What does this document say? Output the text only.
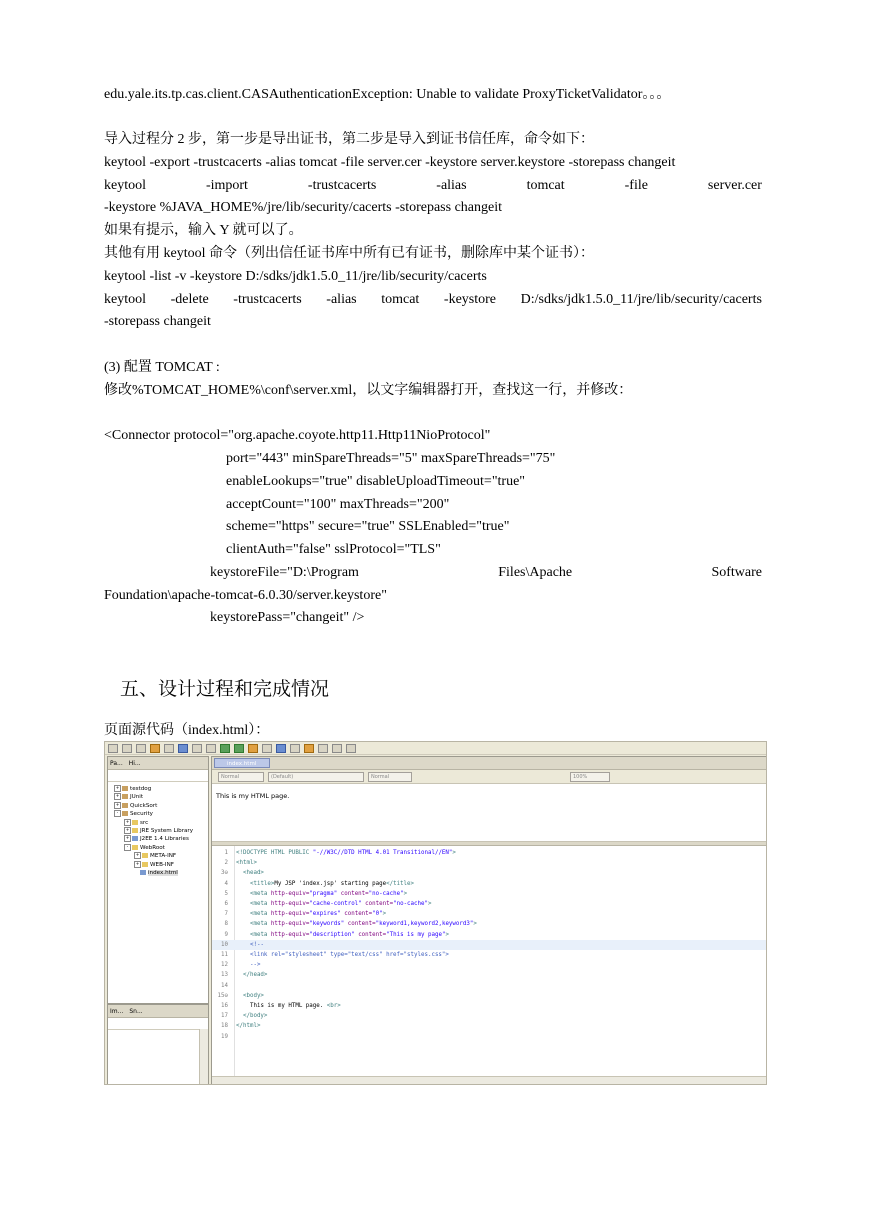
edu.yale.its.tp.cas.client.CASAuthenticationException: Unable to validate ProxyTicketValidator。。。
导入过程分 2 步，第一步是导出证书，第二步是导入到证书信任库，命令如下：
keytool -export -trustcacerts -alias tomcat -file server.cer -keystore server.keystore -storepass changeit
keytool	-import	-trustcacerts	-alias	tomcat	-file	server.cer
-keystore %JAVA_HOME%/jre/lib/security/cacerts -storepass changeit
如果有提示，输入 Y 就可以了。
其他有用 keytool 命令（列出信任证书库中所有已有证书，删除库中某个证书）：
keytool -list -v -keystore D:/sdks/jdk1.5.0_11/jre/lib/security/cacerts
keytool -delete -trustcacerts -alias tomcat -keystore D:/sdks/jdk1.5.0_11/jre/lib/security/cacerts
-storepass changeit
(3) 配置 TOMCAT :
修改%TOMCAT_HOME%\conf\server.xml，以文字编辑器打开，查找这一行，并修改：
<Connector protocol="org.apache.coyote.http11.Http11NioProtocol"
port="443" minSpareThreads="5" maxSpareThreads="75"
enableLookups="true" disableUploadTimeout="true"
acceptCount="100" maxThreads="200"
scheme="https" secure="true" SSLEnabled="true"
clientAuth="false" sslProtocol="TLS"
keystoreFile="D:\Program	Files\Apache	Software
Foundation\apache-tomcat-6.0.30/server.keystore"
keystorePass="changeit" />
五、设计过程和完成情况
页面源代码（index.html）：
Pa... Hi...
+ testdog
+ JUnit
+ QuickSort
- Security
+ src
+ JRE System Library
+ J2EE 1.4 Libraries
- WebRoot
+ META-INF
+ WEB-INF
index.html
Im... Sn...
index.html
Normal	(Default)	Normal	100%
This is my HTML page.
1 <!DOCTYPE HTML PUBLIC "-//W3C//DTD HTML 4.01 Transitional//EN">
2 <html>
3⊖	<head>
4	<title>My JSP 'index.jsp' starting page</title>
5	<meta http-equiv="pragma" content="no-cache">
6	<meta http-equiv="cache-control" content="no-cache">
7	<meta http-equiv="expires" content="0">
8	<meta http-equiv="keywords" content="keyword1,keyword2,keyword3">
9	<meta http-equiv="description" content="This is my page">
10	<!--
11	<link rel="stylesheet" type="text/css" href="styles.css">
12	-->
13	</head>
14
15⊖	<body>
16	This is my HTML page. <br>
17	</body>
18 </html>
19
